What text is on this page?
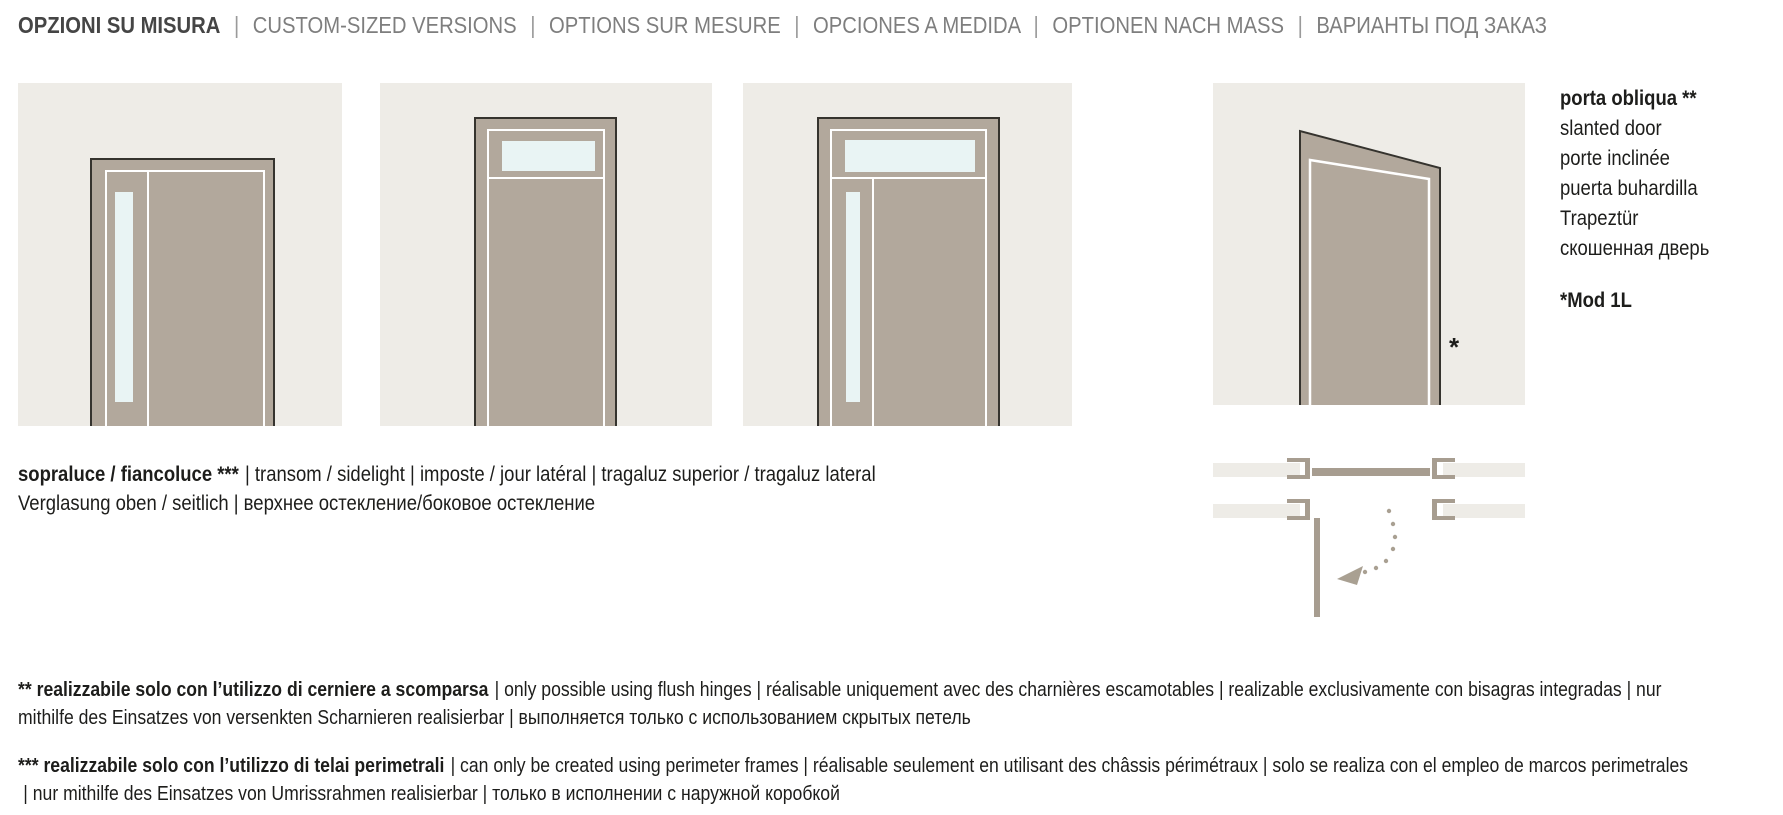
OPZIONI SU MISURA | CUSTOM-SIZED VERSIONS | OPTIONS SUR MESURE | OPCIONES A MEDIDA | OPTIONEN NACH MASS | ВАРИАНТЫ ПОД ЗАКАЗ
*
porta obliqua **
slanted door
porte inclinée
puerta buhardilla
Trapeztür
скошенная дверь
*Mod 1L
sopraluce / fiancoluce *** | transom / sidelight | imposte / jour latéral | tragaluz superior / tragaluz lateral
Verglasung oben / seitlich | верхнее остекление/боковое остекление
** realizzabile solo con l’utilizzo di cerniere a scomparsa | only possible using flush hinges | réalisable uniquement avec des charnières escamotables | realizable exclusivamente con bisagras integradas | nur
mithilfe des Einsatzes von versenkten Scharnieren realisierbar | выполняется только с использованием скрытых петель
*** realizzabile solo con l’utilizzo di telai perimetrali | can only be created using perimeter frames | réalisable seulement en utilisant des châssis périmétraux | solo se realiza con el empleo de marcos perimetrales
| nur mithilfe des Einsatzes von Umrissrahmen realisierbar | только в исполнении с наружной коробкой
